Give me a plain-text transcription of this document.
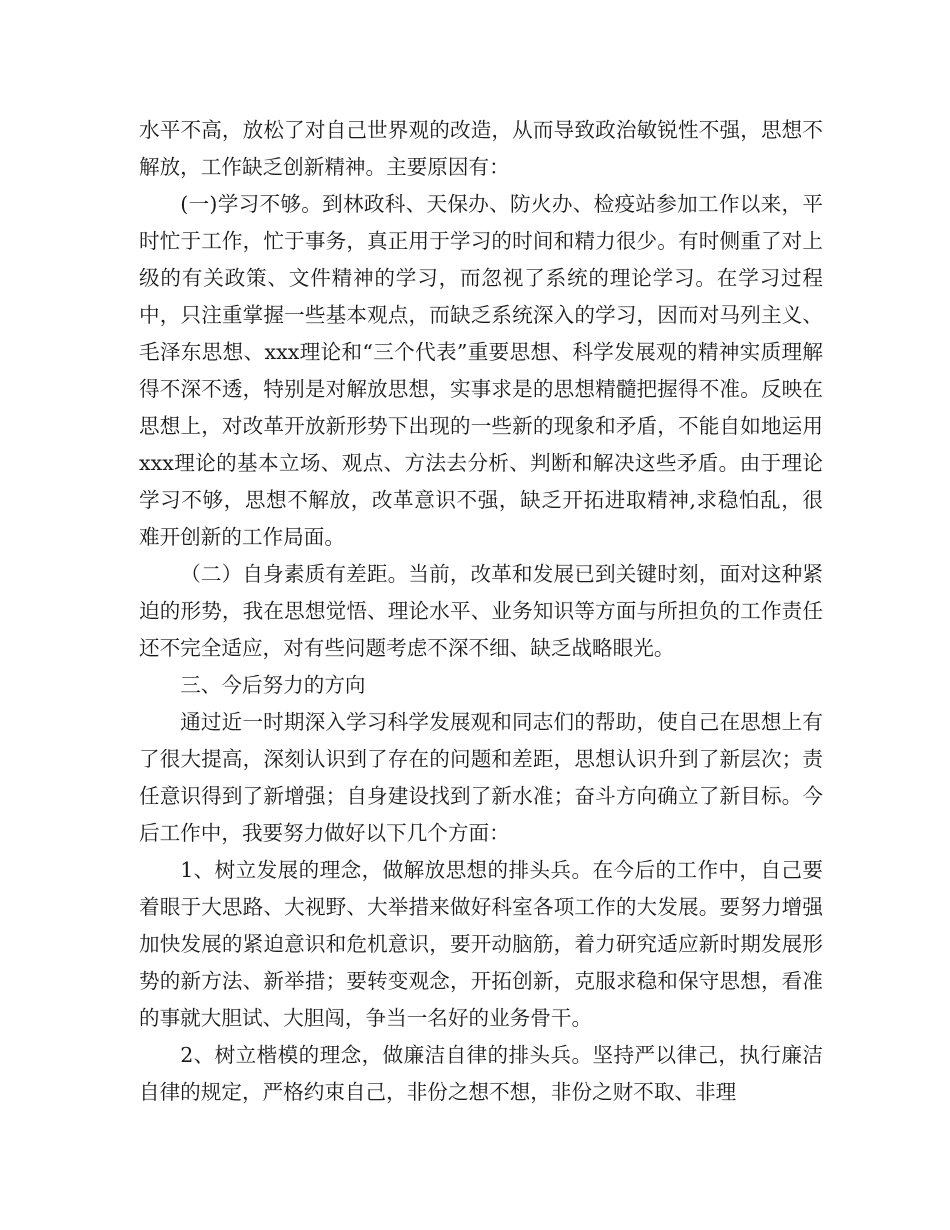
水平不高，放松了对自己世界观的改造，从而导致政治敏锐性不强，思想不解放，工作缺乏创新精神。主要原因有：

(一)学习不够。到林政科、天保办、防火办、检疫站参加工作以来，平时忙于工作，忙于事务，真正用于学习的时间和精力很少。有时侧重了对上级的有关政策、文件精神的学习，而忽视了系统的理论学习。在学习过程中，只注重掌握一些基本观点，而缺乏系统深入的学习，因而对马列主义、毛泽东思想、xxx理论和“三个代表”重要思想、科学发展观的精神实质理解得不深不透，特别是对解放思想，实事求是的思想精髓把握得不准。反映在思想上，对改革开放新形势下出现的一些新的现象和矛盾，不能自如地运用xxx理论的基本立场、观点、方法去分析、判断和解决这些矛盾。由于理论学习不够，思想不解放，改革意识不强，缺乏开拓进取精神,求稳怕乱，很难开创新的工作局面。

（二）自身素质有差距。当前，改革和发展已到关键时刻，面对这种紧迫的形势，我在思想觉悟、理论水平、业务知识等方面与所担负的工作责任还不完全适应，对有些问题考虑不深不细、缺乏战略眼光。

三、今后努力的方向

通过近一时期深入学习科学发展观和同志们的帮助，使自己在思想上有了很大提高，深刻认识到了存在的问题和差距，思想认识升到了新层次；责任意识得到了新增强；自身建设找到了新水准；奋斗方向确立了新目标。今后工作中，我要努力做好以下几个方面：

1、树立发展的理念，做解放思想的排头兵。在今后的工作中，自己要着眼于大思路、大视野、大举措来做好科室各项工作的大发展。要努力增强加快发展的紧迫意识和危机意识，要开动脑筋，着力研究适应新时期发展形势的新方法、新举措；要转变观念，开拓创新，克服求稳和保守思想，看准的事就大胆试、大胆闯，争当一名好的业务骨干。

2、树立楷模的理念，做廉洁自律的排头兵。坚持严以律己，执行廉洁自律的规定，严格约束自己，非份之想不想，非份之财不取、非理
